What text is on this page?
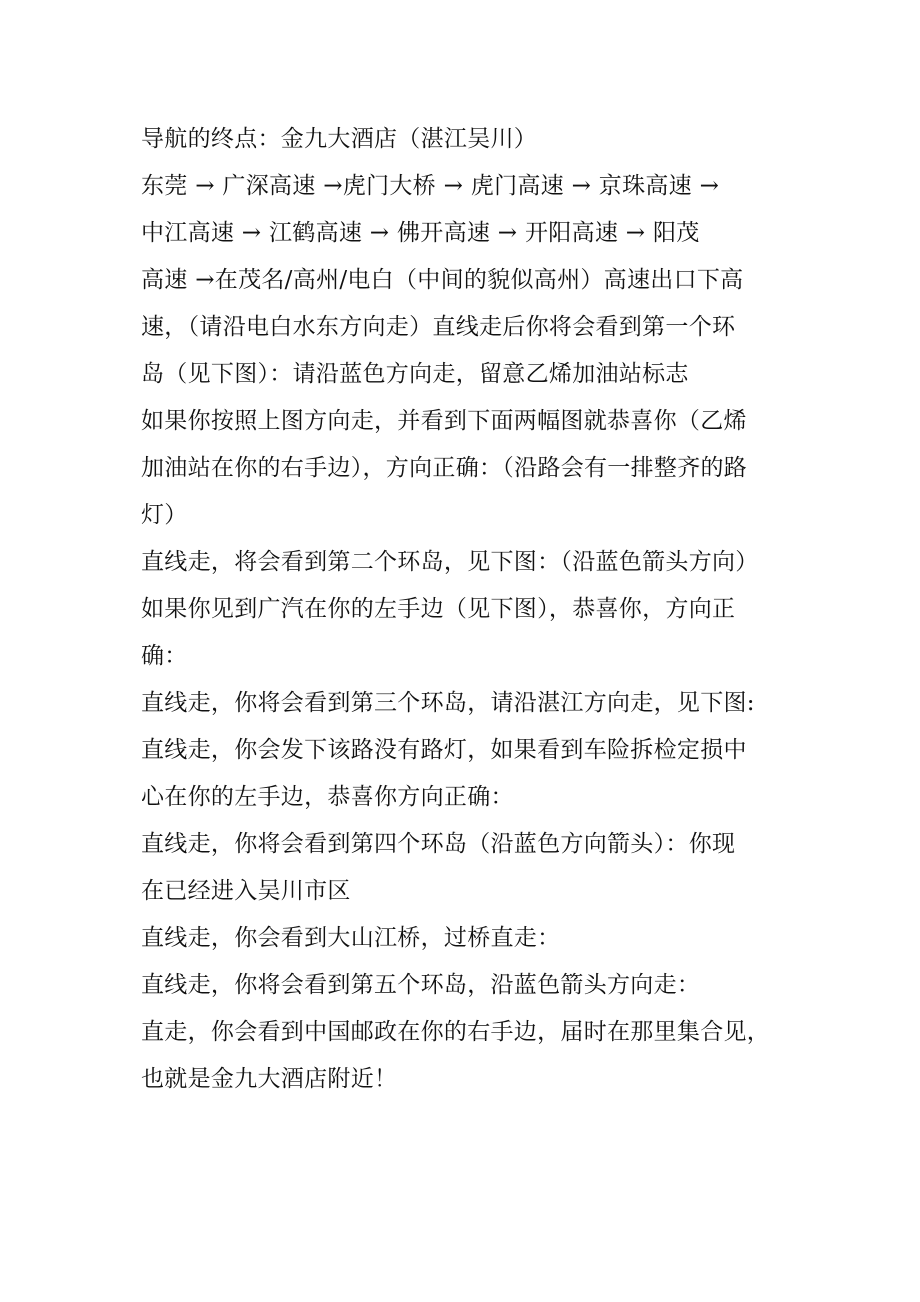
导航的终点：金九大酒店（湛江吴川）
东莞 → 广深高速 →虎门大桥 → 虎门高速 → 京珠高速 →
中江高速 → 江鹤高速 → 佛开高速 → 开阳高速 → 阳茂
高速 →在茂名/高州/电白（中间的貌似高州）高速出口下高
速，（请沿电白水东方向走）直线走后你将会看到第一个环
岛（见下图）：请沿蓝色方向走，留意乙烯加油站标志
如果你按照上图方向走，并看到下面两幅图就恭喜你（乙烯
加油站在你的右手边），方向正确：（沿路会有一排整齐的路
灯）
直线走，将会看到第二个环岛，见下图：（沿蓝色箭头方向）
如果你见到广汽在你的左手边（见下图），恭喜你，方向正
确：
直线走，你将会看到第三个环岛，请沿湛江方向走，见下图:
直线走，你会发下该路没有路灯，如果看到车险拆检定损中
心在你的左手边，恭喜你方向正确：
直线走，你将会看到第四个环岛（沿蓝色方向箭头）：你现
在已经进入吴川市区
直线走，你会看到大山江桥，过桥直走：
直线走，你将会看到第五个环岛，沿蓝色箭头方向走：
直走，你会看到中国邮政在你的右手边，届时在那里集合见，
也就是金九大酒店附近！
